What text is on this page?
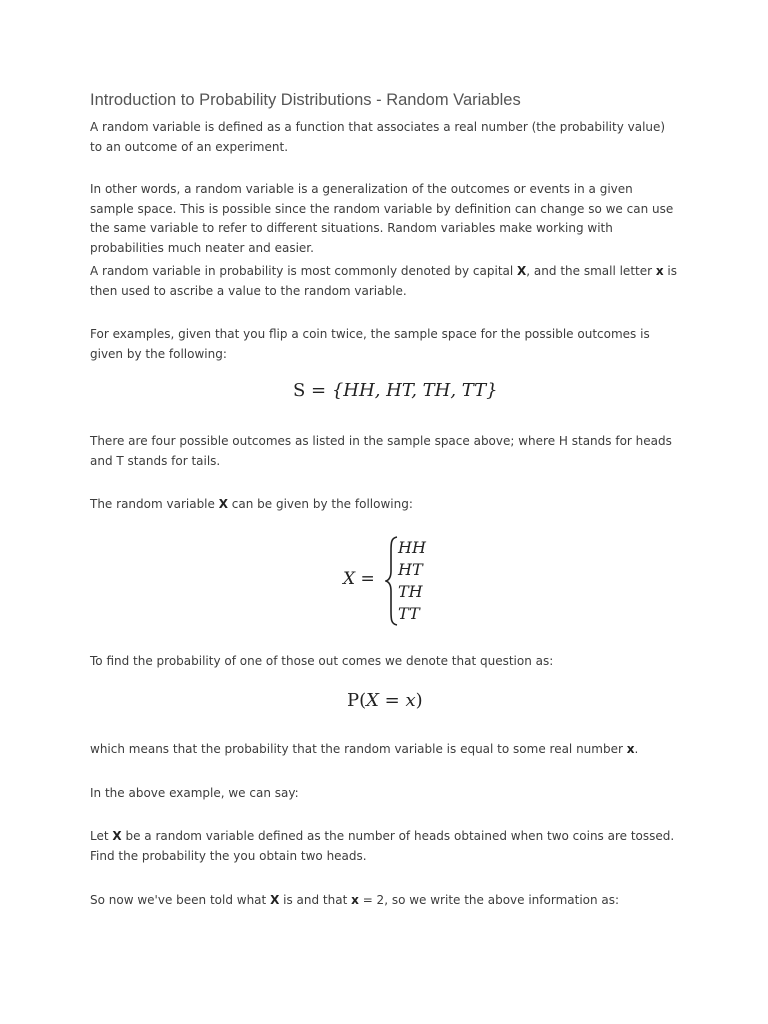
Introduction to Probability Distributions - Random Variables

A random variable is defined as a function that associates a real number (the probability value) to an outcome of an experiment.

In other words, a random variable is a generalization of the outcomes or events in a given sample space. This is possible since the random variable by definition can change so we can use the same variable to refer to different situations. Random variables make working with probabilities much neater and easier.

A random variable in probability is most commonly denoted by capital X, and the small letter x is then used to ascribe a value to the random variable.

For examples, given that you flip a coin twice, the sample space for the possible outcomes is given by the following:

S = {HH, HT, TH, TT}

There are four possible outcomes as listed in the sample space above; where H stands for heads and T stands for tails.

The random variable X can be given by the following:

X =
HH
HT
TH
TT

To find the probability of one of those out comes we denote that question as:

P(X = x)

which means that the probability that the random variable is equal to some real number x.

In the above example, we can say:

Let X be a random variable defined as the number of heads obtained when two coins are tossed. Find the probability the you obtain two heads.

So now we've been told what X is and that x = 2, so we write the above information as:
